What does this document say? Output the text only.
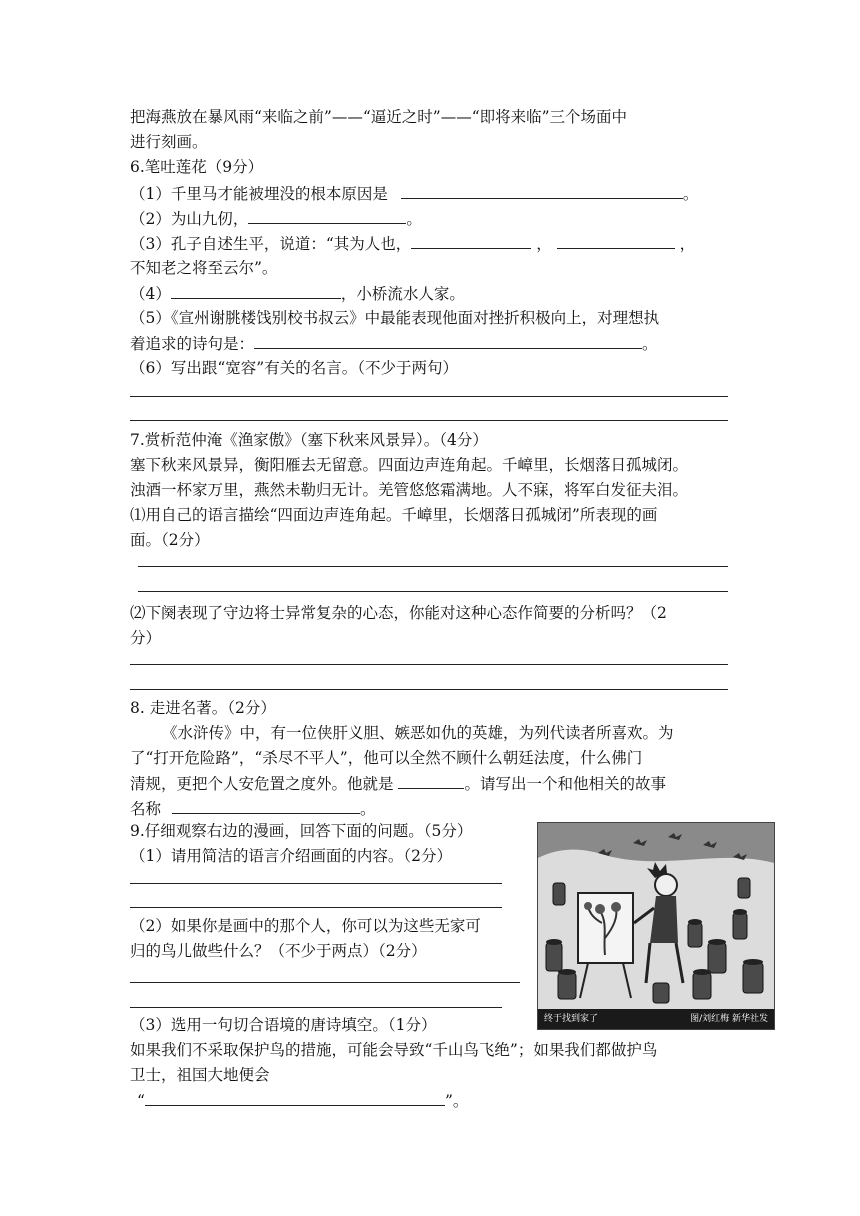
把海燕放在暴风雨“来临之前”——“逼近之时”——“即将来临”三个场面中
进行刻画。
6.笔吐莲花（9分）
（1）千里马才能被埋没的根本原因是	。
（2）为山九仞，	。
（3）孔子自述生平，说道：“其为人也，	，	，
不知老之将至云尔”。
（4）	，小桥流水人家。
（5）《宣州谢朓楼饯别校书叔云》中最能表现他面对挫折积极向上，对理想执
着追求的诗句是：	。
（6）写出跟“宽容”有关的名言。（不少于两句）
7.赏析范仲淹《渔家傲》（塞下秋来风景异）。（4分）
塞下秋来风景异，衡阳雁去无留意。四面边声连角起。千嶂里，长烟落日孤城闭。
浊酒一杯家万里，燕然未勒归无计。羌管悠悠霜满地。人不寐，将军白发征夫泪。
⑴用自己的语言描绘“四面边声连角起。千嶂里，长烟落日孤城闭”所表现的画
面。（2分）
⑵下阕表现了守边将士异常复杂的心态，你能对这种心态作简要的分析吗？（2
分）
8. 走进名著。（2分）
《水浒传》中，有一位侠肝义胆、嫉恶如仇的英雄，为列代读者所喜欢。为
了“打开危险路”，“杀尽不平人”，他可以全然不顾什么朝廷法度，什么佛门
清规，更把个人安危置之度外。他就是	。请写出一个和他相关的故事
名称	。
9.仔细观察右边的漫画，回答下面的问题。（5分）
（1）请用简洁的语言介绍画面的内容。（2分）
（2）如果你是画中的那个人，你可以为这些无家可
归的鸟儿做些什么？（不少于两点）（2分）
（3）选用一句切合语境的唐诗填空。（1分）
如果我们不采取保护鸟的措施，可能会导致“千山鸟飞绝”；如果我们都做护鸟
卫士，祖国大地便会
“	”。
终于找到家了	图/刘红梅 新华社发
